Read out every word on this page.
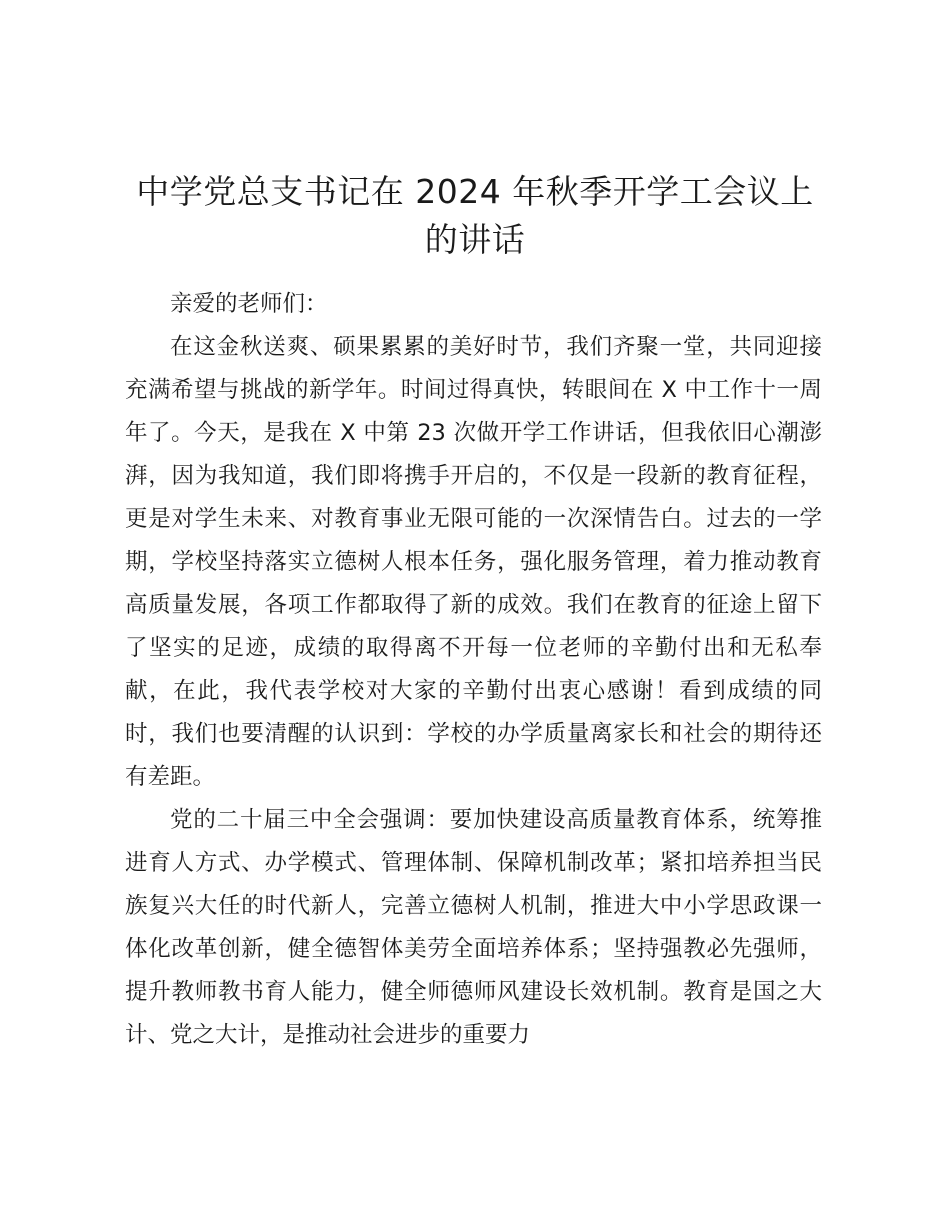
中学党总支书记在 2024 年秋季开学工会议上的讲话

亲爱的老师们：

在这金秋送爽、硕果累累的美好时节，我们齐聚一堂，共同迎接充满希望与挑战的新学年。时间过得真快，转眼间在 X 中工作十一周年了。今天，是我在 X 中第 23 次做开学工作讲话，但我依旧心潮澎湃，因为我知道，我们即将携手开启的，不仅是一段新的教育征程，更是对学生未来、对教育事业无限可能的一次深情告白。过去的一学期，学校坚持落实立德树人根本任务，强化服务管理，着力推动教育高质量发展，各项工作都取得了新的成效。我们在教育的征途上留下了坚实的足迹，成绩的取得离不开每一位老师的辛勤付出和无私奉献，在此，我代表学校对大家的辛勤付出衷心感谢！看到成绩的同时，我们也要清醒的认识到：学校的办学质量离家长和社会的期待还有差距。

党的二十届三中全会强调：要加快建设高质量教育体系，统筹推进育人方式、办学模式、管理体制、保障机制改革；紧扣培养担当民族复兴大任的时代新人，完善立德树人机制，推进大中小学思政课一体化改革创新，健全德智体美劳全面培养体系；坚持强教必先强师，提升教师教书育人能力，健全师德师风建设长效机制。教育是国之大计、党之大计，是推动社会进步的重要力
